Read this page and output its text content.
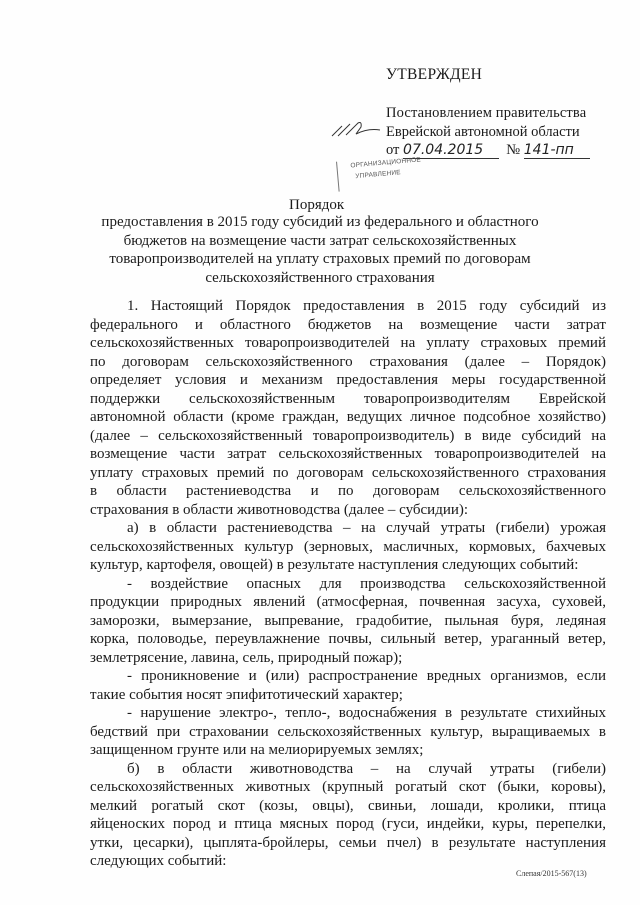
УТВЕРЖДЕН
Постановлением правительства
Еврейской автономной области
от 07.04.2015 № 141-пп
ОРГАНИЗАЦИОННОЕ
УПРАВЛЕНИЕ
Порядок
предоставления в 2015 году субсидий из федерального и областного
бюджетов на возмещение части затрат сельскохозяйственных
товаропроизводителей на уплату страховых премий по договорам
сельскохозяйственного страхования
1. Настоящий Порядок предоставления в 2015 году субсидий из
федерального и областного бюджетов на возмещение части затрат
сельскохозяйственных товаропроизводителей на уплату страховых премий
по договорам сельскохозяйственного страхования (далее – Порядок)
определяет условия и механизм предоставления меры государственной
поддержки сельскохозяйственным товаропроизводителям Еврейской
автономной области (кроме граждан, ведущих личное подсобное хозяйство)
(далее – сельскохозяйственный товаропроизводитель) в виде субсидий на
возмещение части затрат сельскохозяйственных товаропроизводителей на
уплату страховых премий по договорам сельскохозяйственного страхования
в области растениеводства и по договорам сельскохозяйственного
страхования в области животноводства (далее – субсидии):
а) в области растениеводства – на случай утраты (гибели) урожая
сельскохозяйственных культур (зерновых, масличных, кормовых, бахчевых
культур, картофеля, овощей) в результате наступления следующих событий:
- воздействие опасных для производства сельскохозяйственной
продукции природных явлений (атмосферная, почвенная засуха, суховей,
заморозки, вымерзание, выпревание, градобитие, пыльная буря, ледяная
корка, половодье, переувлажнение почвы, сильный ветер, ураганный ветер,
землетрясение, лавина, сель, природный пожар);
- проникновение и (или) распространение вредных организмов, если
такие события носят эпифитотический характер;
- нарушение электро-, тепло-, водоснабжения в результате стихийных
бедствий при страховании сельскохозяйственных культур, выращиваемых в
защищенном грунте или на мелиорируемых землях;
б) в области животноводства – на случай утраты (гибели)
сельскохозяйственных животных (крупный рогатый скот (быки, коровы),
мелкий рогатый скот (козы, овцы), свиньи, лошади, кролики, птица
яйценоских пород и птица мясных пород (гуси, индейки, куры, перепелки,
утки, цесарки), цыплята-бройлеры, семьи пчел) в результате наступления
следующих событий:
Слепая/2015-567(13)
